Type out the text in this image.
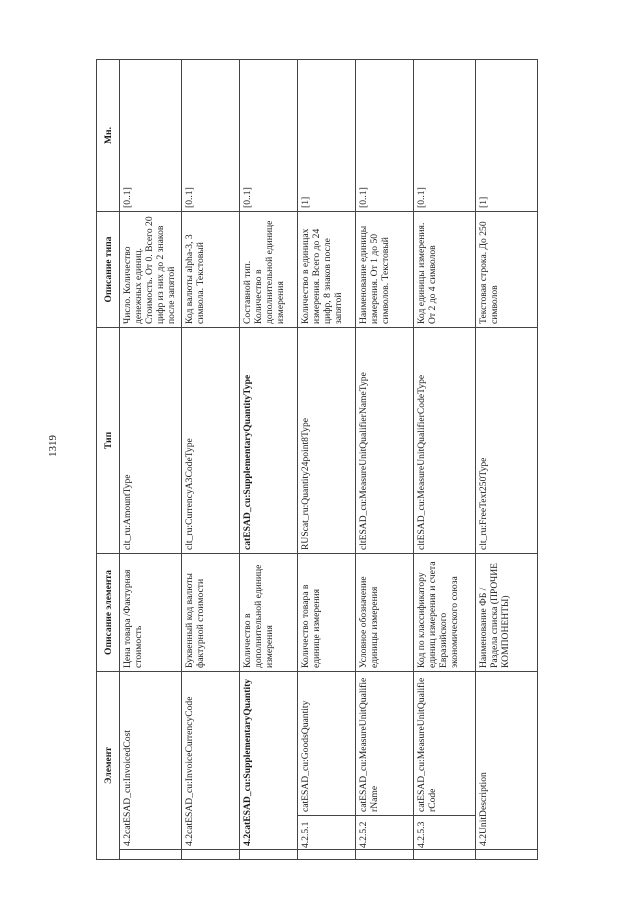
1319
Элемент			Описание элемента	Тип	Описание типа	Мн.
	4.2catESAD_cu:InvoicedCost		Цена товара /Фактурная стоимость	clt_ru:AmountType	Число. Количество денежных единиц. Стоимость. От 0. Всего 20 цифр из них до 2 знаков после запятой	[0..1]
	4.2catESAD_cu:InvoiceCurrencyCode		Буквенный код валюты фактурной стоимости	clt_ru:CurrencyA3CodeType	Код валюты alpha-3, 3 символа. Текстовый	[0..1]
	4.2catESAD_cu:SupplementaryQuantity		Количество в дополнительной единице измерения	catESAD_cu:SupplementaryQuantityType	Составной тип. Количество в дополнительной единице измерения	[0..1]
	4.2.5.1	catESAD_cu:GoodsQuantity	Количество товара в единице измерения	RUScat_ru:Quantity24point8Type	Количество в единицах измерения. Всего до 24 цифр, 8 знаков после запятой	[1]
	4.2.5.2	catESAD_cu:MeasureUnitQualifierName	Условное обозначение единицы измерения	cltESAD_cu:MeasureUnitQualifierNameType	Наименование единицы измерения. От 1 до 50 символов. Текстовый	[0..1]
	4.2.5.3	catESAD_cu:MeasureUnitQualifierCode	Код по классификатору единиц измерения и счета Евразийского экономического союза	cltESAD_cu:MeasureUnitQualifierCodeType	Код единицы измерения. От 2 до 4 символов	[0..1]
	4.2UnitDescription		Наименование ФБ / Раздела списка (ПРОЧИЕ КОМПОНЕНТЫ)	clt_ru:FreeText250Type	Текстовая строка. До 250 символов	[1]
